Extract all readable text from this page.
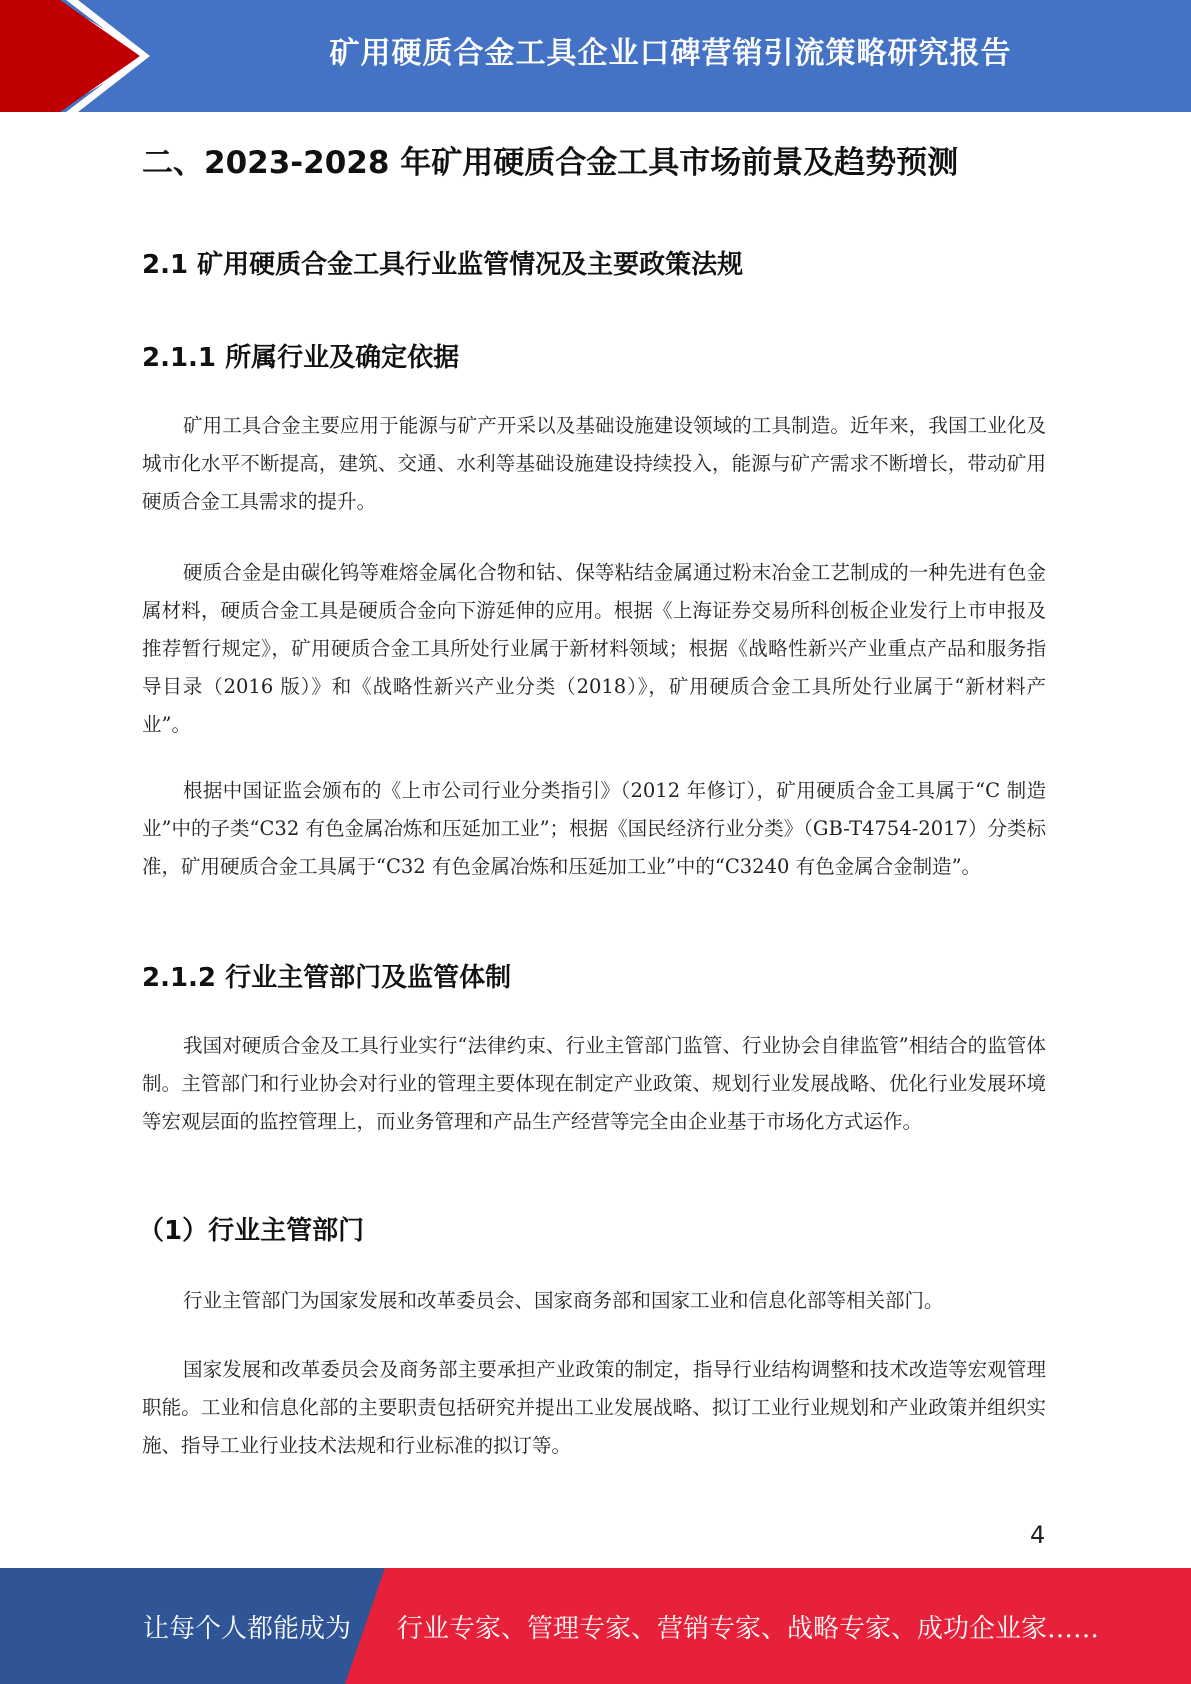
矿用硬质合金工具企业口碑营销引流策略研究报告
二、2023-2028 年矿用硬质合金工具市场前景及趋势预测
2.1 矿用硬质合金工具行业监管情况及主要政策法规
2.1.1 所属行业及确定依据

矿用工具合金主要应用于能源与矿产开采以及基础设施建设领域的工具制造。近年来，我国工业化及城市化水平不断提高，建筑、交通、水利等基础设施建设持续投入，能源与矿产需求不断增长，带动矿用硬质合金工具需求的提升。

硬质合金是由碳化钨等难熔金属化合物和钴、保等粘结金属通过粉末冶金工艺制成的一种先进有色金属材料，硬质合金工具是硬质合金向下游延伸的应用。根据《上海证券交易所科创板企业发行上市申报及推荐暂行规定》，矿用硬质合金工具所处行业属于新材料领域；根据《战略性新兴产业重点产品和服务指导目录（2016 版）》和《战略性新兴产业分类（2018）》，矿用硬质合金工具所处行业属于“新材料产业”。

根据中国证监会颁布的《上市公司行业分类指引》（2012 年修订），矿用硬质合金工具属于“C 制造业”中的子类“C32 有色金属冶炼和压延加工业”；根据《国民经济行业分类》（GB-T4754-2017）分类标准，矿用硬质合金工具属于“C32 有色金属冶炼和压延加工业”中的“C3240 有色金属合金制造”。

2.1.2 行业主管部门及监管体制

我国对硬质合金及工具行业实行“法律约束、行业主管部门监管、行业协会自律监管”相结合的监管体制。主管部门和行业协会对行业的管理主要体现在制定产业政策、规划行业发展战略、优化行业发展环境等宏观层面的监控管理上，而业务管理和产品生产经营等完全由企业基于市场化方式运作。

（1）行业主管部门

行业主管部门为国家发展和改革委员会、国家商务部和国家工业和信息化部等相关部门。

国家发展和改革委员会及商务部主要承担产业政策的制定，指导行业结构调整和技术改造等宏观管理职能。工业和信息化部的主要职责包括研究并提出工业发展战略、拟订工业行业规划和产业政策并组织实施、指导工业行业技术法规和行业标准的拟订等。

4
让每个人都能成为 行业专家、管理专家、营销专家、战略专家、成功企业家……
